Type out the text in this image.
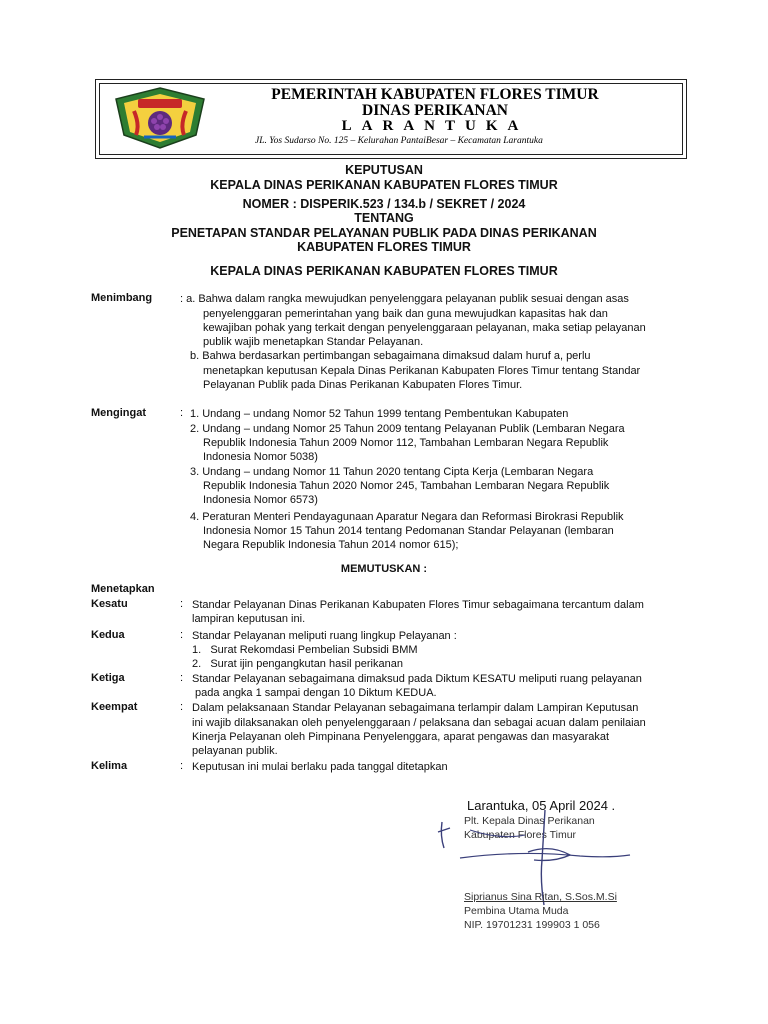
PEMERINTAH KABUPATEN FLORES TIMUR
DINAS PERIKANAN
LARANTUKA
JL. Yos Sudarso No. 125 – Kelurahan PantaiBesar – Kecamatan Larantuka
KEPUTUSAN
KEPALA DINAS PERIKANAN KABUPATEN FLORES TIMUR
NOMER : DISPERIK.523 / 134.b / SEKRET / 2024
TENTANG
PENETAPAN STANDAR PELAYANAN PUBLIK PADA DINAS PERIKANAN
KABUPATEN FLORES TIMUR
KEPALA DINAS PERIKANAN KABUPATEN FLORES TIMUR
Menimbang	: a. Bahwa dalam rangka mewujudkan penyelenggara pelayanan publik sesuai dengan asas
penyelenggaran pemerintahan yang baik dan guna mewujudkan kapasitas hak dan
kewajiban pohak yang terkait dengan penyelenggaraan pelayanan, maka setiap pelayanan
publik wajib menetapkan Standar Pelayanan.
b. Bahwa berdasarkan pertimbangan sebagaimana dimaksud dalam huruf a, perlu
menetapkan keputusan Kepala Dinas Perikanan Kabupaten Flores Timur tentang Standar
Pelayanan Publik pada Dinas Perikanan Kabupaten Flores Timur.
Mengingat	: 1. Undang – undang Nomor 52 Tahun 1999 tentang Pembentukan Kabupaten
2. Undang – undang Nomor 25 Tahun 2009 tentang Pelayanan Publik (Lembaran Negara
Republik Indonesia Tahun 2009 Nomor 112, Tambahan Lembaran Negara Republik
Indonesia Nomor 5038)
3. Undang – undang Nomor 11 Tahun 2020 tentang Cipta Kerja (Lembaran Negara
Republik Indonesia Tahun 2020 Nomor 245, Tambahan Lembaran Negara Republik
Indonesia Nomor 6573)
4. Peraturan Menteri Pendayagunaan Aparatur Negara dan Reformasi Birokrasi Republik
Indonesia Nomor 15 Tahun 2014 tentang Pedomanan Standar Pelayanan (lembaran
Negara Republik Indonesia Tahun 2014 nomor 615);
MEMUTUSKAN :
Menetapkan
Kesatu	: Standar Pelayanan Dinas Perikanan Kabupaten Flores Timur sebagaimana tercantum dalam
lampiran keputusan ini.
Kedua	: Standar Pelayanan meliputi ruang lingkup Pelayanan :
1.   Surat Rekomdasi Pembelian Subsidi BMM
2.   Surat ijin pengangkutan hasil perikanan
Ketiga	: Standar Pelayanan sebagaimana dimaksud pada Diktum KESATU meliputi ruang pelayanan
pada angka 1 sampai dengan 10 Diktum KEDUA.
Keempat	: Dalam pelaksanaan Standar Pelayanan sebagaimana terlampir dalam Lampiran Keputusan
ini wajib dilaksanakan oleh penyelenggaraan / pelaksana dan sebagai acuan dalam penilaian
Kinerja Pelayanan oleh Pimpinana Penyelenggara, aparat pengawas dan masyarakat
pelayanan publik.
Kelima	: Keputusan ini mulai berlaku pada tanggal ditetapkan
Larantuka, 05 April 2024 .
Plt. Kepala Dinas Perikanan
Kabupaten Flores Timur
Siprianus Sina Ritan, S.Sos.M.Si
Pembina Utama Muda
NIP. 19701231 199903 1 056
